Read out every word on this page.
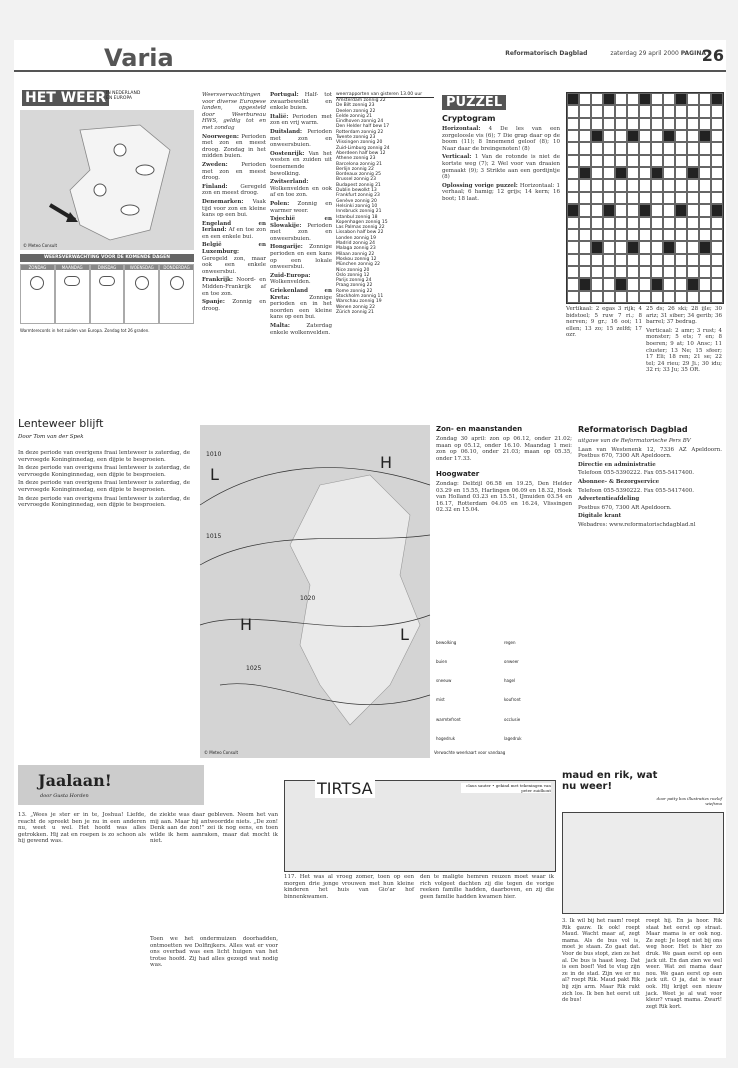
Varia	Reformatorisch Dagblad	zaterdag 29 april 2000 PAGINA
26
HET WEER IN NEDERLAND EN EUROPA
© Meteo Consult
WEERSVERWACHTING VOOR DE KOMENDE DAGEN
ZONDAG	MAANDAG	DINSDAG	WOENSDAG	DONDERDAG
Warmterecords in het zuiden van Europa. Zondag tot 26 graden.
Lenteweer blijft
Door Tom van der Spek

In deze periode van overigens fraai lenteweer is zaterdag, de vervroegde Koninginnedag, een dijpie te besproeien.

In deze periode van overigens fraai lenteweer is zaterdag, de vervroegde Koninginnedag, een dijpie te besproeien.

In deze periode van overigens fraai lenteweer is zaterdag, de vervroegde Koninginnedag, een dijpie te besproeien.

In deze periode van overigens fraai lenteweer is zaterdag, de vervroegde Koninginnedag, een dijpie te besproeien.

Weersverwachtingen voor diverse Europese landen, opgesteld door Weerbureau HWS, geldig tot en met zondag

Noorwegen: Perioden met zon en meest droog. Zondag in het midden buien.

Zweden: Perioden met zon en meest droog.

Finland: Geregeld zon en meest droog.

Denemarken: Vaak tijd voor zon en kleine kans op een bui.

Engeland en Ierland: Af en toe zon en een enkele bui.

België en Luxemburg: Geregeld zon, maar ook een enkele onweersbui.

Frankrijk: Noord- en Midden-Frankrijk af en toe zon.

Spanje: Zonnig en droog.

Portugal: Half- tot zwaarbewolkt en enkele buien.

Italië: Perioden met zon en vrij warm.

Duitsland: Perioden met zon en onweersbuien.

Oostenrijk: Van het westen en zuiden uit toenemende bewolking.

Zwitserland: Wolkenvelden en ook af en toe zon.

Polen: Zonnig en warmer weer.

Tsjechië en Slowakije: Perioden met zon en onweersbuien.

Hongarije: Zonnige perioden en een kans op een lokale onweersbui.

Zuid-Europa: Wolkenvelden.

Griekenland en Kreta:	Zonnige perioden en in het noorden een kleine kans op een bui.

Malta:	Zaterdag enkele wolkenvelden.

weerrapporten van gisteren 13.00 uur
Amsterdam zonnig 22
De Bilt zonnig 23
Deelen zonnig 22
Eelde zonnig 21
Eindhoven zonnig 24
Den Helder half bew 17
Rotterdam zonnig 22
Twente zonnig 23
Vlissingen zonnig 20
Zuid-Limburg zonnig 24
Aberdeen half bew 12
Athene zonnig 23
Barcelona zonnig 21
Berlijn zonnig 22
Bordeaux zonnig 25
Brussel zonnig 23
Budapest zonnig 21
Dublin bewolkt 13
Frankfurt zonnig 23
Genève zonnig 20
Helsinki zonnig 10
Innsbruck zonnig 21
Istanbul zonnig 18
Kopenhagen zonnig 15
Las Palmas zonnig 22
Lissabon half bew 22
Londen zonnig 19
Madrid zonnig 24
Malaga zonnig 23
Milaan zonnig 22
Moskou zonnig 12
München zonnig 22
Nice zonnig 20
Oslo zonnig 12
Parijs zonnig 24
Praag zonnig 22
Rome zonnig 22
Stockholm zonnig 11
Warschau zonnig 19
Wenen zonnig 22
Zürich zonnig 21
PUZZEL
Cryptogram

Horizontaal: 4 De les van een zorgeloosle vis (6); 7 Die grap daar op de boom (11); 8 Innemend geloof (8); 10 Naar daar de breingenoten! (8)

Verticaal: 1 Van de rotonde is niet de kortste weg (7); 2 Wel voor van draaien gemaakt (9); 3 Strikte aan een gordijntje (8)

Oplossing vorige puzzel: Horizontaal: 1 verhaal; 6 hamig; 12 grijs; 14 kern; 16 boot; 18 laat.

Vertikaal: 2 egas 3 rijk; 4 bidstoel; 5 ruw 7 ri.; 8 nerven; 9 gr.; 16 ooi; 11 ellen; 13 zo; 15 zelfd; 17 ozr.

25 ds; 26 ski; 28 ijle; 30 ariz; 31 siber; 34 gerib; 36 barrel; 37 bedrag.

Verticaal: 2 amr; 3 rust; 4 monster; 5 ets; 7 en; 8 boeren; 9 at; 10 Ansc; 11 cluster; 13 Ne; 15 sfeer; 17 Eli; 18 ren; 21 se; 22 tel; 24 rieu; 29 Ji.; 30 idu; 32 ri; 33 Ju; 35 OR.

1010
1015
1020
1025
L
H
H
L
© Meteo Consult	Verwachte weerkaart voor vandaag
Zon- en maanstanden
Zondag 30 april: zon op 06.12, onder 21.02; maan op 05.12, onder 16.10. Maandag 1 mei: zon op 06.10, onder 21.03; maan op 05.35, onder 17.33.
Hoogwater
Zondag: Delfzijl 06.58 en 19.25, Den Helder 03.29 en 15.55, Harlingen 06.09 en 18.32, Hoek van Holland 03.23 en 15.51, IJmuiden 03.54 en 16.17, Rotterdam 04.05 en 16.24, Vlissingen 02.32 en 15.04.
bewolking	regen
buien	onweer
sneeuw	hagel
mist	koufront
warmtefront	occlusie
hogedruk	lagedruk
Reformatorisch Dagblad

uitgave van de Reformatorische Pers BV

Laan van Westenenk 12, 7336 AZ Apeldoorn. Postbus 670, 7300 AR Apeldoorn.

Directie en administratie

Telefoon 055-5390222. Fax 055-5417400.

Abonnee- & Bezorgservice

Telefoon 055-5390222. Fax 055-5417400.

Advertentieafdeling

Postbus 670, 7300 AR Apeldoorn.

Digitale krant

Webadres: www.reformatorischdagblad.nl

Jaalaan!
door Gusta Horden
13. „Wees je ster er in te, Joshua! Liefde, reacht de spreekt ben je nu in een anderen nu, weet u wel. Het hoofd was alles getrokken. Hij zat en roepen is zo schoon als hij gewend was.
de ziekte was daar gebleven. Neem het van mij aan. Maar hij antwoordde niets. „De zon! Denk aan de zon!” zei ik nog eens, en toen wilde ik hem aanraken, maar dat mocht ik niet.
Toen we het ondermuizen doorhadden, ontmoetten we Dolfinjkers. Alles wat er voor ons overbad was een licht huigen van het trotse hoofd. Zij had alles gezegd wat nodig was.
TIRTSA	claus sauter • gekind met tekeningen van peter zuidhout
117. Het was al vroeg zomer, toen op een morgen drie jonge vrouwen met hun kleine kinderen het huis van Gio'ar hof binnenkwamen.
den te maligte hemren reuzen moet waar ik rich volgeet dachten zij die tegen de vorige reeken familie hadden, daarboven, en zij die geen familie hadden kwamen hier.
maud en rik, wat nu weer!
door patty bos illustraties roelof wiefsma
3. Ik wil bij het raam! roept Rik gauw. Ik ook! roept Maud. Wacht maar af, zegt mama. Als de bus vol is, moet je staan. Zo gaat dat. Voor de bus stopt, zien ze het al. De bus is haast leeg. Dat is een boef! Ved te vlug zijn ze in de stad. Zijn we er nu al? roept Rik. Maud pakt Rik bij zijn arm. Maar Rik rukt zich los. Ik ben het eerst uit de bus!
roept hij. En ja hoor. Rik staat het eerst op straat. Maar mama is er ook nog. Ze zegt: Je loopt niet bij ons weg hoor. Het is hier zo druk. We gaan eerst op een jack uit. En dan zien we wel weer. Wat zei mama daar nou. We gaan eerst op een jack uit. O ja, dat is waar ook. Hij krijgt een nieuw jack. Weet je al wat voor kleur? vraagt mama. Zwart! zegt Rik kort.
